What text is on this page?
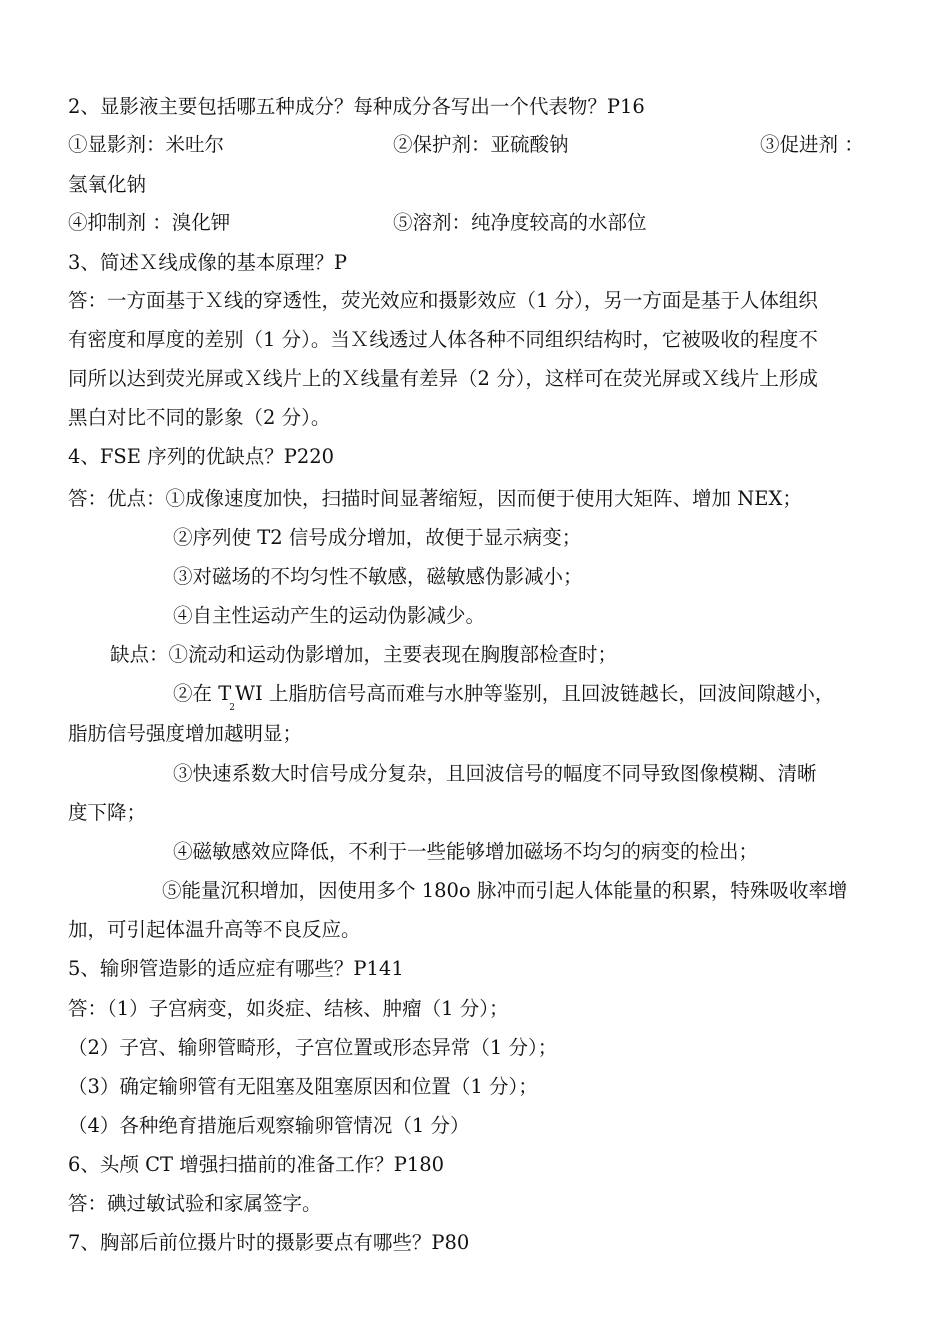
2、显影液主要包括哪五种成分？每种成分各写出一个代表物？P16
①显影剂：米吐尔	②保护剂：亚硫酸钠	③促进剂 ：
氢氧化钠
④抑制剂 ：溴化钾	⑤溶剂：纯净度较高的水部位
3、简述Ｘ线成像的基本原理？P
答：一方面基于Ｘ线的穿透性，荧光效应和摄影效应（1 分），另一方面是基于人体组织
有密度和厚度的差别（1 分）。当Ｘ线透过人体各种不同组织结构时，它被吸收的程度不
同所以达到荧光屏或Ｘ线片上的Ｘ线量有差异（2 分），这样可在荧光屏或Ｘ线片上形成
黑白对比不同的影象（2 分）。
4、FSE 序列的优缺点？P220
答：优点：①成像速度加快，扫描时间显著缩短，因而便于使用大矩阵、增加 NEX；
②序列使 T2 信号成分增加，故便于显示病变；
③对磁场的不均匀性不敏感，磁敏感伪影减小；
④自主性运动产生的运动伪影减少。
缺点：①流动和运动伪影增加，主要表现在胸腹部检查时；
②在 $T_2WI$ 上脂肪信号高而难与水肿等鉴别，且回波链越长，回波间隙越小，
脂肪信号强度增加越明显；
③快速系数大时信号成分复杂，且回波信号的幅度不同导致图像模糊、清晰
度下降；
④磁敏感效应降低，不利于一些能够增加磁场不均匀的病变的检出；
⑤能量沉积增加，因使用多个 180o 脉冲而引起人体能量的积累，特殊吸收率增
加，可引起体温升高等不良反应。
5、输卵管造影的适应症有哪些？P141
答：（1）子宫病变，如炎症、结核、肿瘤（1 分）；
（2）子宫、输卵管畸形，子宫位置或形态异常（1 分）；
（3）确定输卵管有无阻塞及阻塞原因和位置（1 分）；
（4）各种绝育措施后观察输卵管情况（1 分）
6、头颅 CT 增强扫描前的准备工作？P180
答：碘过敏试验和家属签字。
7、胸部后前位摄片时的摄影要点有哪些？P80
